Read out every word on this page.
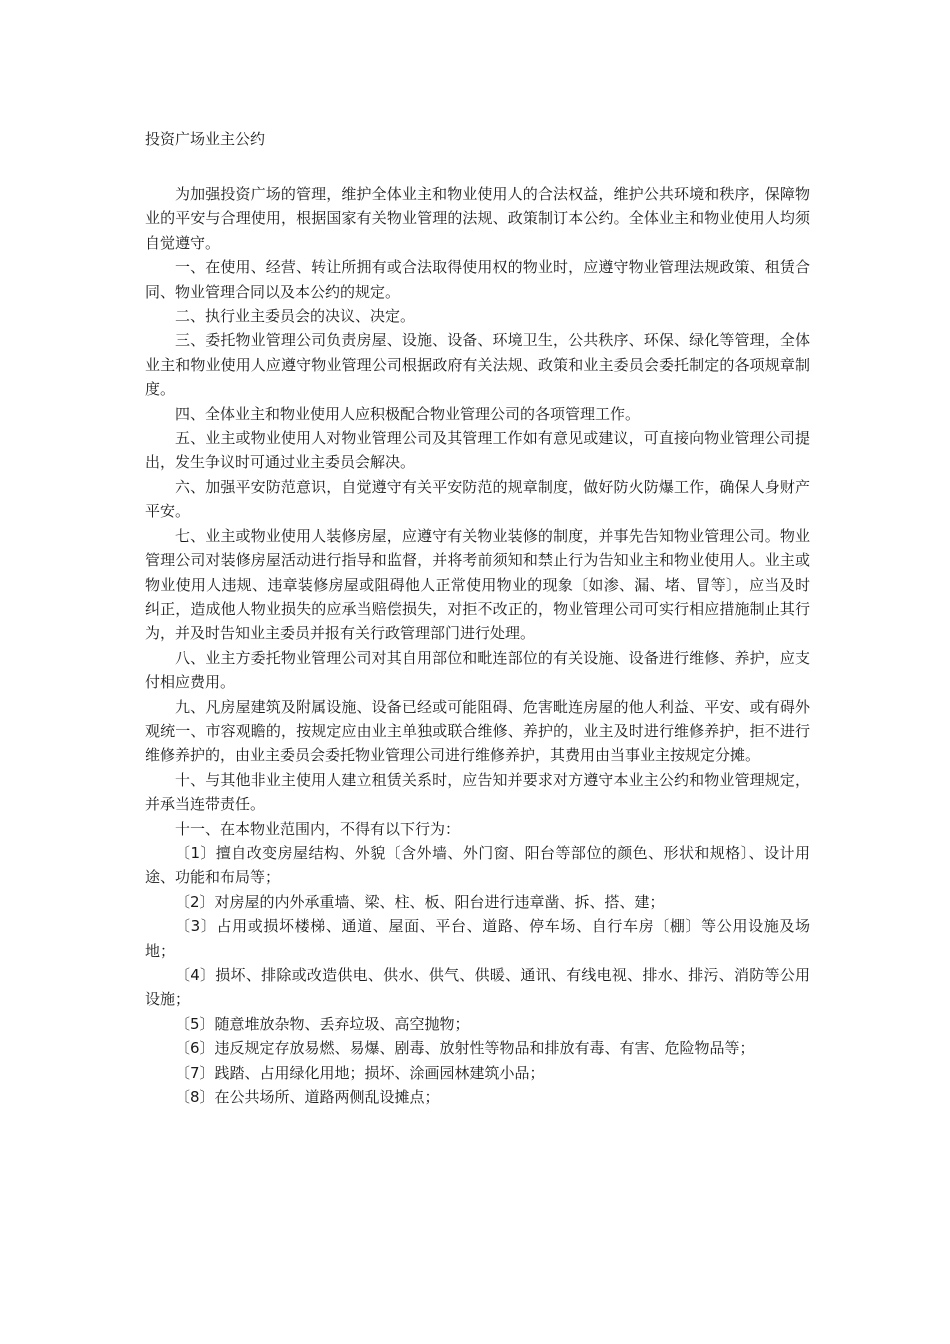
投资广场业主公约

为加强投资广场的管理，维护全体业主和物业使用人的合法权益，维护公共环境和秩序，保障物业的平安与合理使用，根据国家有关物业管理的法规、政策制订本公约。全体业主和物业使用人均须自觉遵守。

一、在使用、经营、转让所拥有或合法取得使用权的物业时，应遵守物业管理法规政策、租赁合同、物业管理合同以及本公约的规定。

二、执行业主委员会的决议、决定。

三、委托物业管理公司负责房屋、设施、设备、环境卫生，公共秩序、环保、绿化等管理，全体业主和物业使用人应遵守物业管理公司根据政府有关法规、政策和业主委员会委托制定的各项规章制度。

四、全体业主和物业使用人应积极配合物业管理公司的各项管理工作。

五、业主或物业使用人对物业管理公司及其管理工作如有意见或建议，可直接向物业管理公司提出，发生争议时可通过业主委员会解决。

六、加强平安防范意识，自觉遵守有关平安防范的规章制度，做好防火防爆工作，确保人身财产平安。

七、业主或物业使用人装修房屋，应遵守有关物业装修的制度，并事先告知物业管理公司。物业管理公司对装修房屋活动进行指导和监督，并将考前须知和禁止行为告知业主和物业使用人。业主或物业使用人违规、违章装修房屋或阻碍他人正常使用物业的现象〔如渗、漏、堵、冒等〕，应当及时纠正，造成他人物业损失的应承当赔偿损失，对拒不改正的，物业管理公司可实行相应措施制止其行为，并及时告知业主委员并报有关行政管理部门进行处理。

八、业主方委托物业管理公司对其自用部位和毗连部位的有关设施、设备进行维修、养护，应支付相应费用。

九、凡房屋建筑及附属设施、设备已经或可能阻碍、危害毗连房屋的他人利益、平安、或有碍外观统一、市容观瞻的，按规定应由业主单独或联合维修、养护的，业主及时进行维修养护，拒不进行维修养护的，由业主委员会委托物业管理公司进行维修养护，其费用由当事业主按规定分摊。

十、与其他非业主使用人建立租赁关系时，应告知并要求对方遵守本业主公约和物业管理规定，并承当连带责任。

十一、在本物业范围内，不得有以下行为：

〔1〕擅自改变房屋结构、外貌〔含外墙、外门窗、阳台等部位的颜色、形状和规格〕、设计用途、功能和布局等；

〔2〕对房屋的内外承重墙、梁、柱、板、阳台进行违章凿、拆、搭、建；

〔3〕占用或损坏楼梯、通道、屋面、平台、道路、停车场、自行车房〔棚〕等公用设施及场地；

〔4〕损坏、排除或改造供电、供水、供气、供暖、通讯、有线电视、排水、排污、消防等公用设施；

〔5〕随意堆放杂物、丢弃垃圾、高空抛物；

〔6〕违反规定存放易燃、易爆、剧毒、放射性等物品和排放有毒、有害、危险物品等；

〔7〕践踏、占用绿化用地；损坏、涂画园林建筑小品；

〔8〕在公共场所、道路两侧乱设摊点；
